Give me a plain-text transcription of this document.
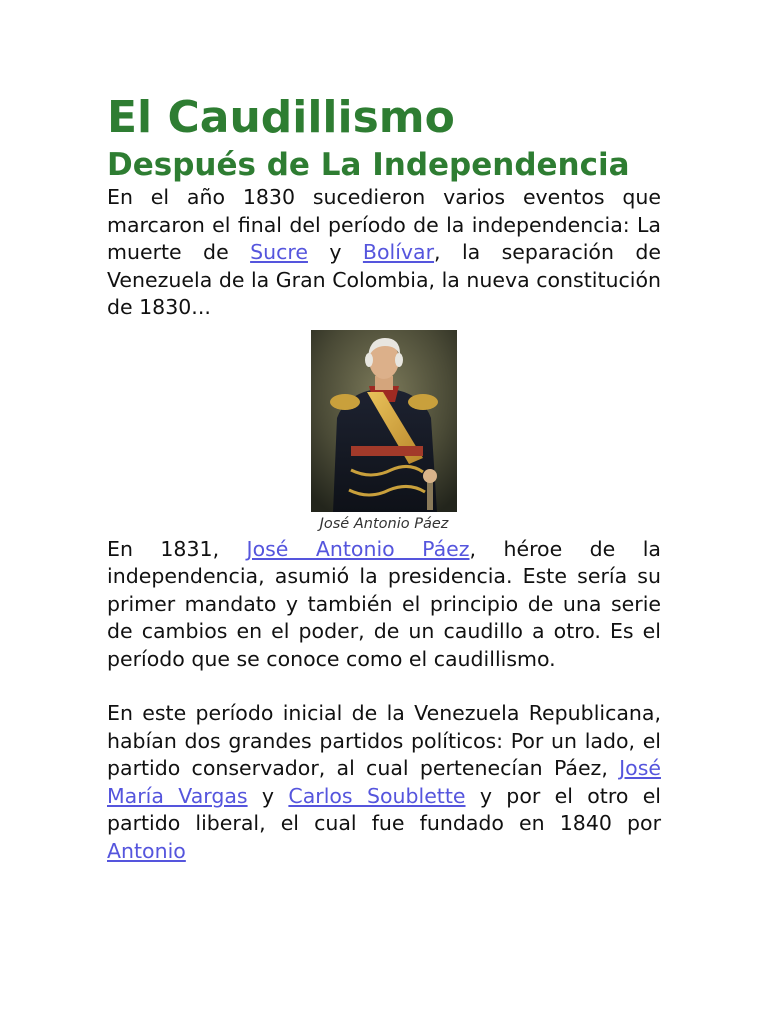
El Caudillismo
Después de La Independencia

En el año 1830 sucedieron varios eventos que marcaron el final del período de la independencia: La muerte de Sucre y Bolívar, la separación de Venezuela de la Gran Colombia, la nueva constitución de 1830...

José Antonio Páez

En 1831, José Antonio Páez, héroe de la independencia, asumió la presidencia. Este sería su primer mandato y también el principio de una serie de cambios en el poder, de un caudillo a otro. Es el período que se conoce como el caudillismo.

En este período inicial de la Venezuela Republicana, habían dos grandes partidos políticos: Por un lado, el partido conservador, al cual pertenecían Páez, José María Vargas y Carlos Soublette y por el otro el partido liberal, el cual fue fundado en 1840 por Antonio
